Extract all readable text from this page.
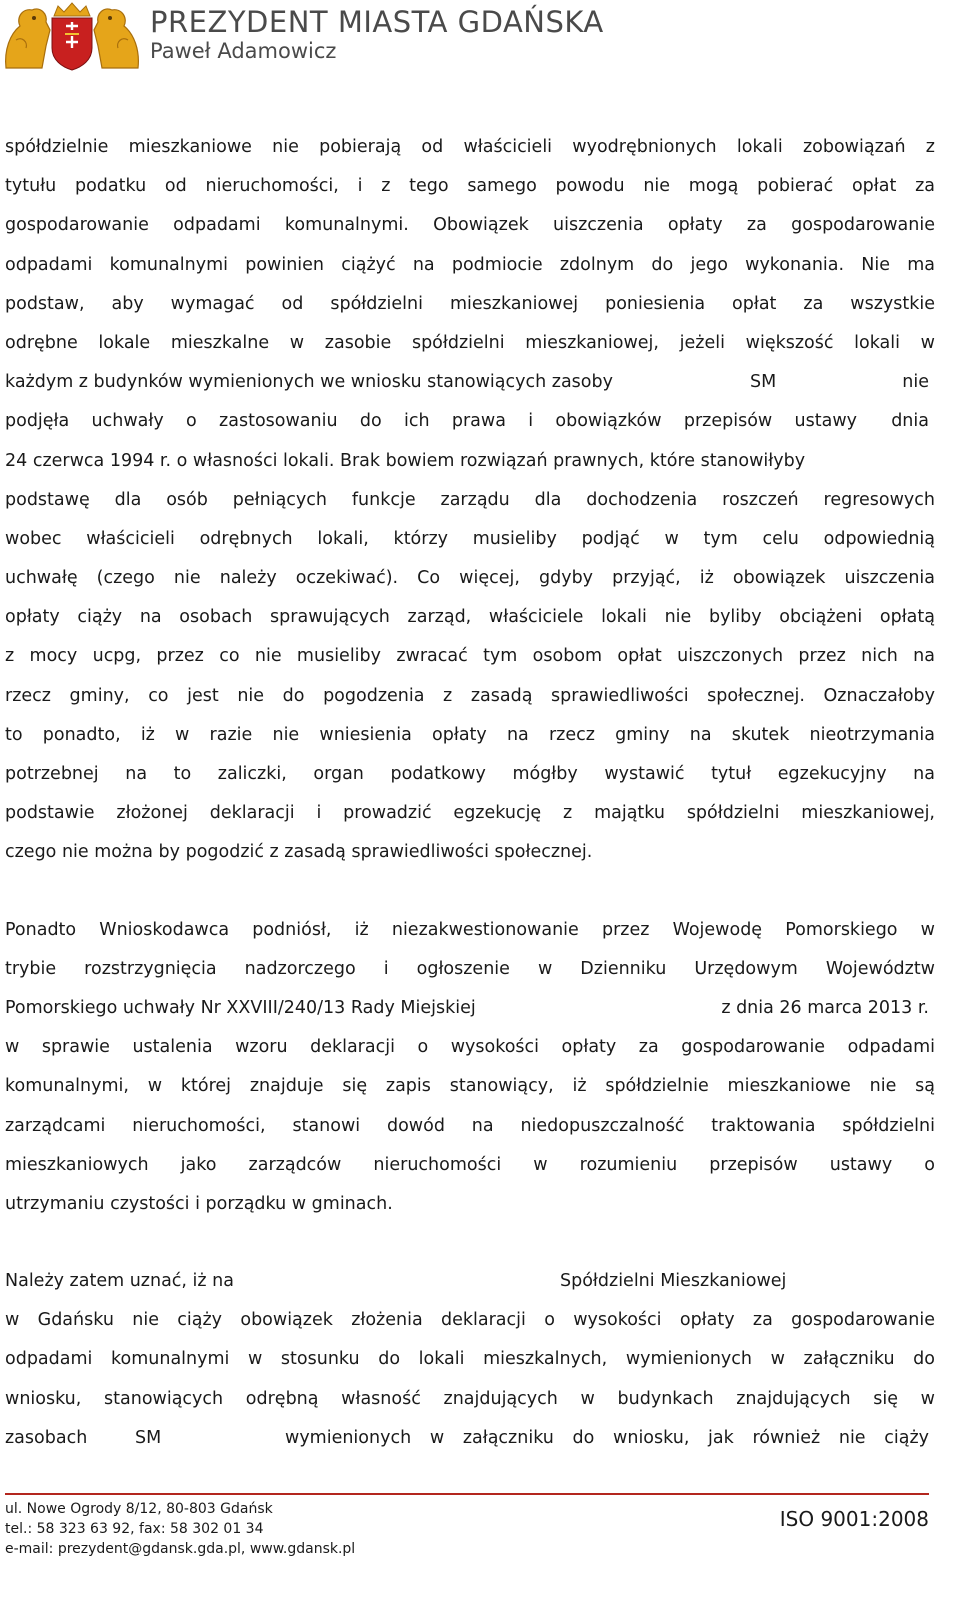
PREZYDENT MIASTA GDAŃSKA
Paweł Adamowicz
spółdzielnie mieszkaniowe nie pobierają od właścicieli wyodrębnionych lokali zobowiązań z
tytułu podatku od nieruchomości, i z tego samego powodu nie mogą pobierać opłat za
gospodarowanie odpadami komunalnymi. Obowiązek uiszczenia opłaty za gospodarowanie
odpadami komunalnymi powinien ciążyć na podmiocie zdolnym do jego wykonania. Nie ma
podstaw, aby wymagać od spółdzielni mieszkaniowej poniesienia opłat za wszystkie
odrębne lokale mieszkalne w zasobie spółdzielni mieszkaniowej, jeżeli większość lokali w
każdym z budynków wymienionych we wniosku stanowiących zasoby	SM	nie
podjęła uchwały o zastosowaniu do ich prawa i obowiązków przepisów ustawy dnia
24 czerwca 1994 r. o własności lokali. Brak bowiem rozwiązań prawnych, które stanowiłyby
podstawę dla osób pełniących funkcje zarządu dla dochodzenia roszczeń regresowych
wobec właścicieli odrębnych lokali, którzy musieliby podjąć w tym celu odpowiednią
uchwałę (czego nie należy oczekiwać). Co więcej, gdyby przyjąć, iż obowiązek uiszczenia
opłaty ciąży na osobach sprawujących zarząd, właściciele lokali nie byliby obciążeni opłatą
z mocy ucpg, przez co nie musieliby zwracać tym osobom opłat uiszczonych przez nich na
rzecz gminy, co jest nie do pogodzenia z zasadą sprawiedliwości społecznej. Oznaczałoby
to ponadto, iż w razie nie wniesienia opłaty na rzecz gminy na skutek nieotrzymania
potrzebnej na to zaliczki, organ podatkowy mógłby wystawić tytuł egzekucyjny na
podstawie złożonej deklaracji i prowadzić egzekucję z majątku spółdzielni mieszkaniowej,
czego nie można by pogodzić z zasadą sprawiedliwości społecznej.
Ponadto Wnioskodawca podniósł, iż niezakwestionowanie przez Wojewodę Pomorskiego w
trybie rozstrzygnięcia nadzorczego i ogłoszenie w Dzienniku Urzędowym Województw
Pomorskiego uchwały Nr XXVIII/240/13 Rady Miejskiej	z dnia 26 marca 2013 r.
w sprawie ustalenia wzoru deklaracji o wysokości opłaty za gospodarowanie odpadami
komunalnymi, w której znajduje się zapis stanowiący, iż spółdzielnie mieszkaniowe nie są
zarządcami nieruchomości, stanowi dowód na niedopuszczalność traktowania spółdzielni
mieszkaniowych jako zarządców nieruchomości w rozumieniu przepisów ustawy o
utrzymaniu czystości i porządku w gminach.
Należy zatem uznać, iż na	Spółdzielni Mieszkaniowej
w Gdańsku nie ciąży obowiązek złożenia deklaracji o wysokości opłaty za gospodarowanie
odpadami komunalnymi w stosunku do lokali mieszkalnych, wymienionych w załączniku do
wniosku, stanowiących odrębną własność znajdujących w budynkach znajdujących się w
zasobach	SM	wymienionych w załączniku do wniosku, jak również nie ciąży
ul. Nowe Ogrody 8/12, 80-803 Gdańsk
tel.: 58 323 63 92, fax: 58 302 01 34
e-mail: prezydent@gdansk.gda.pl, www.gdansk.pl
ISO 9001:2008
